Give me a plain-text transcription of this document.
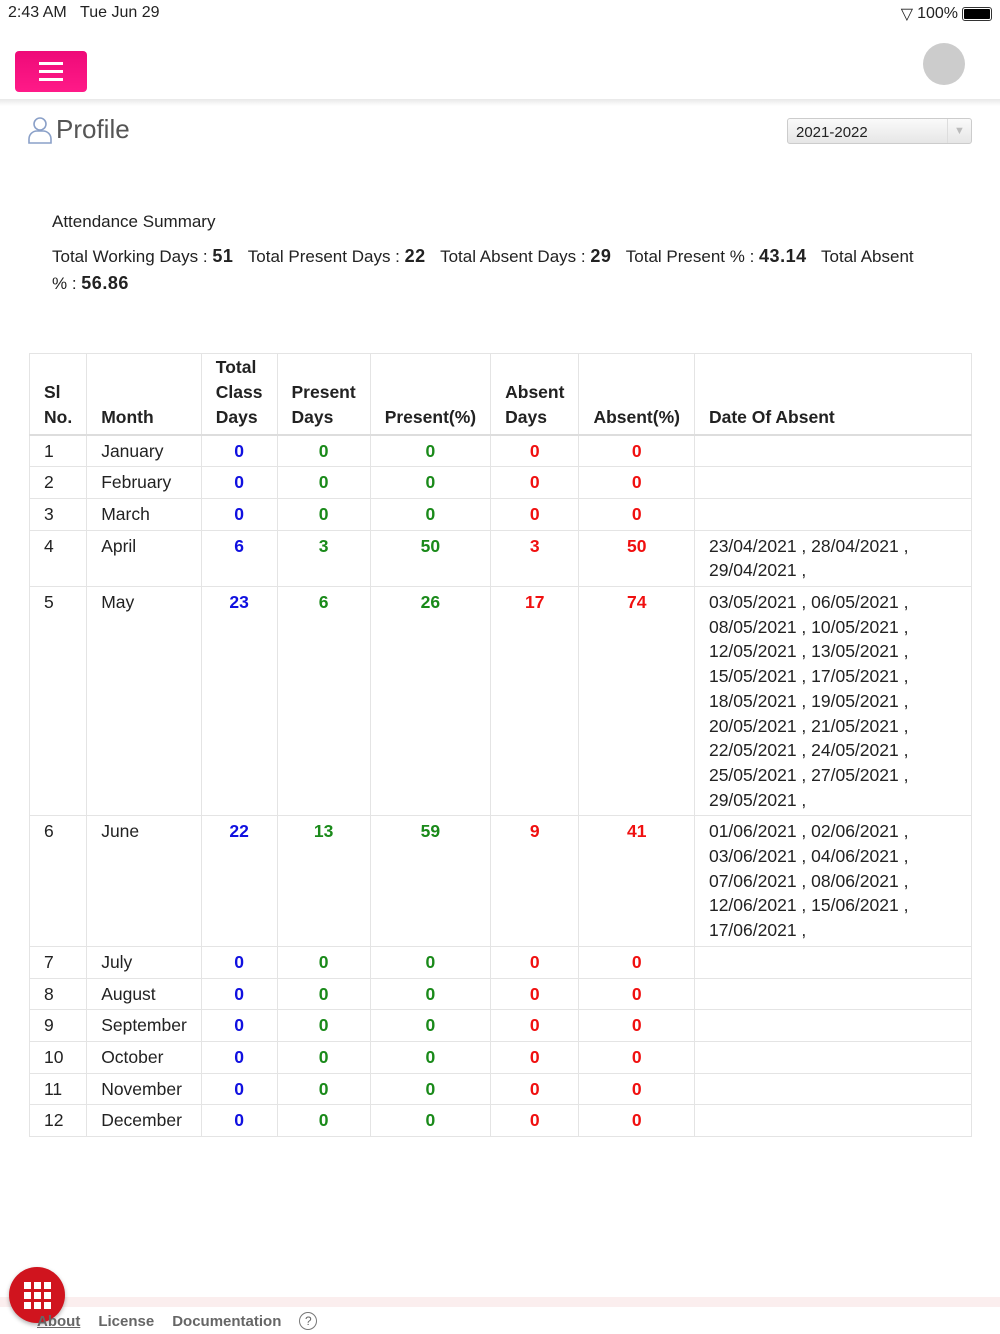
2:43 AM Tue Jun 29	▽ 100%
Profile	2021-2022	▼
Attendance Summary
Total Working Days : 51 Total Present Days : 22 Total Absent Days : 29 Total Present % : 43.14 Total Absent % : 56.86
Sl No.	Month	Total Class Days	Present Days	Present(%)	Absent Days	Absent(%)	Date Of Absent
1	January	0	0	0	0	0	
2	February	0	0	0	0	0	
3	March	0	0	0	0	0	
4	April	6	3	50	3	50	23/04/2021 , 28/04/2021 , 29/04/2021 ,
5	May	23	6	26	17	74	03/05/2021 , 06/05/2021 , 08/05/2021 , 10/05/2021 , 12/05/2021 , 13/05/2021 , 15/05/2021 , 17/05/2021 , 18/05/2021 , 19/05/2021 , 20/05/2021 , 21/05/2021 , 22/05/2021 , 24/05/2021 , 25/05/2021 , 27/05/2021 , 29/05/2021 ,
6	June	22	13	59	9	41	01/06/2021 , 02/06/2021 , 03/06/2021 , 04/06/2021 , 07/06/2021 , 08/06/2021 , 12/06/2021 , 15/06/2021 , 17/06/2021 ,
7	July	0	0	0	0	0	
8	August	0	0	0	0	0	
9	September	0	0	0	0	0	
10	October	0	0	0	0	0	
11	November	0	0	0	0	0	
12	December	0	0	0	0	0	
About License Documentation	?
